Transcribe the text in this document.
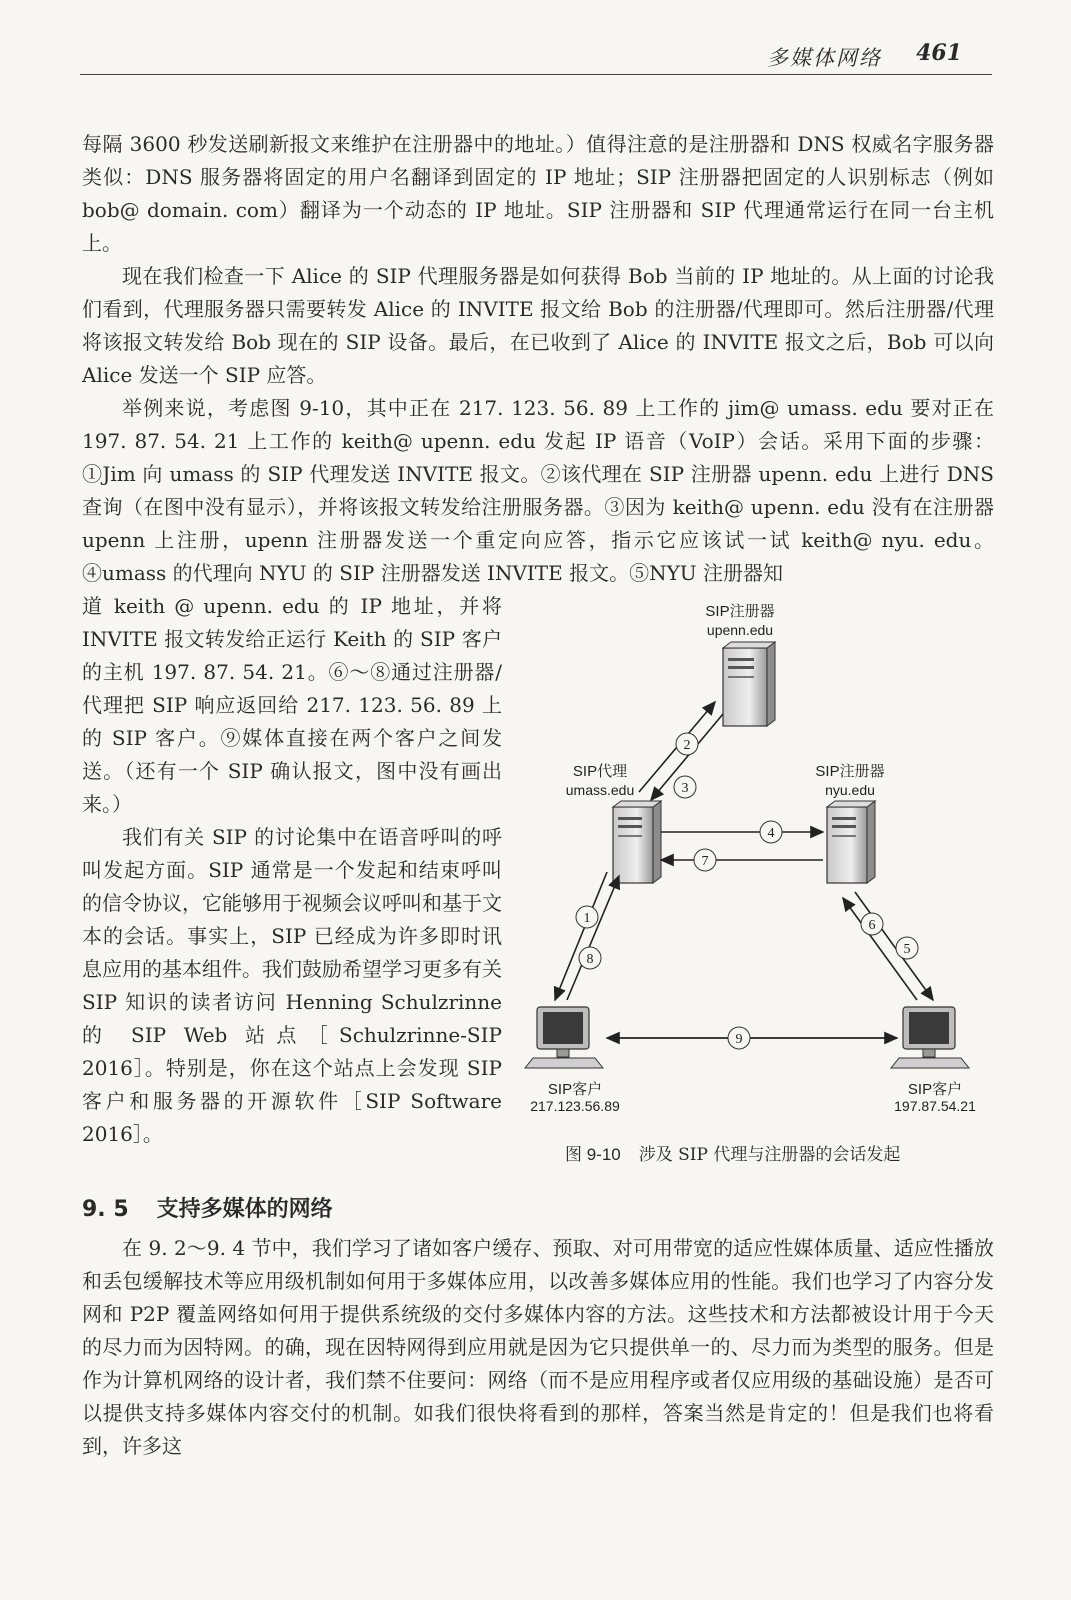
多媒体网络 461

每隔 3600 秒发送刷新报文来维护在注册器中的地址。）值得注意的是注册器和 DNS 权威名字服务器类似：DNS 服务器将固定的用户名翻译到固定的 IP 地址；SIP 注册器把固定的人识别标志（例如 bob@ domain. com）翻译为一个动态的 IP 地址。SIP 注册器和 SIP 代理通常运行在同一台主机上。

现在我们检查一下 Alice 的 SIP 代理服务器是如何获得 Bob 当前的 IP 地址的。从上面的讨论我们看到，代理服务器只需要转发 Alice 的 INVITE 报文给 Bob 的注册器/代理即可。然后注册器/代理将该报文转发给 Bob 现在的 SIP 设备。最后，在已收到了 Alice 的 INVITE 报文之后，Bob 可以向 Alice 发送一个 SIP 应答。

举例来说，考虑图 9-10，其中正在 217. 123. 56. 89 上工作的 jim@ umass. edu 要对正在 197. 87. 54. 21 上工作的 keith@ upenn. edu 发起 IP 语音（VoIP）会话。采用下面的步骤：①Jim 向 umass 的 SIP 代理发送 INVITE 报文。②该代理在 SIP 注册器 upenn. edu 上进行 DNS 查询（在图中没有显示），并将该报文转发给注册服务器。③因为 keith@ upenn. edu 没有在注册器 upenn 上注册，upenn 注册器发送一个重定向应答，指示它应该试一试 keith@ nyu. edu。④umass 的代理向 NYU 的 SIP 注册器发送 INVITE 报文。⑤NYU 注册器知

道 keith @ upenn. edu 的 IP 地址，并将 INVITE 报文转发给正运行 Keith 的 SIP 客户的主机 197. 87. 54. 21。⑥～⑧通过注册器/代理把 SIP 响应返回给 217. 123. 56. 89 上的 SIP 客户。⑨媒体直接在两个客户之间发送。（还有一个 SIP 确认报文，图中没有画出来。）

我们有关 SIP 的讨论集中在语音呼叫的呼叫发起方面。SIP 通常是一个发起和结束呼叫的信令协议，它能够用于视频会议呼叫和基于文本的会话。事实上，SIP 已经成为许多即时讯息应用的基本组件。我们鼓励希望学习更多有关 SIP 知识的读者访问 Henning Schulzrinne 的 SIP Web 站点［Schulzrinne-SIP 2016］。特别是，你在这个站点上会发现 SIP 客户和服务器的开源软件［SIP Software 2016］。

9. 5 支持多媒体的网络

在 9. 2～9. 4 节中，我们学习了诸如客户缓存、预取、对可用带宽的适应性媒体质量、适应性播放和丢包缓解技术等应用级机制如何用于多媒体应用，以改善多媒体应用的性能。我们也学习了内容分发网和 P2P 覆盖网络如何用于提供系统级的交付多媒体内容的方法。这些技术和方法都被设计用于今天的尽力而为因特网。的确，现在因特网得到应用就是因为它只提供单一的、尽力而为类型的服务。但是作为计算机网络的设计者，我们禁不住要问：网络（而不是应用程序或者仅应用级的基础设施）是否可以提供支持多媒体内容交付的机制。如我们很快将看到的那样，答案当然是肯定的！但是我们也将看到，许多这

2
3
4
7
1
8
6
5
9
SIP注册器
upenn.edu
SIP代理
umass.edu
SIP注册器
nyu.edu
SIP客户
217.123.56.89
SIP客户
197.87.54.21

图 9-10 涉及 SIP 代理与注册器的会话发起
